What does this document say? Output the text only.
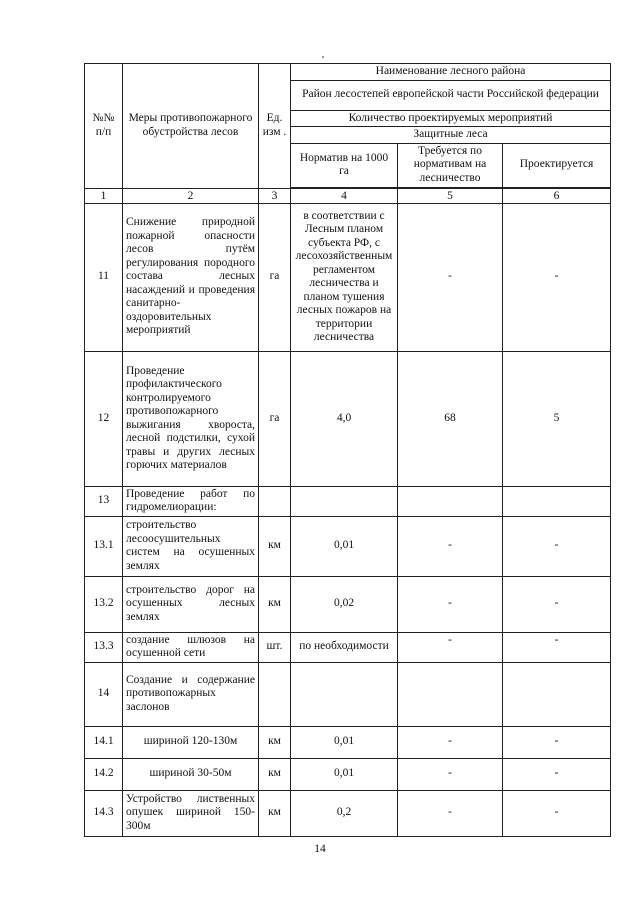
№№ п/п	Меры противопожарного обустройства лесов	Ед. изм .	Наименование лесного района		
			Район лесостепей европейской части Российской федерации		
			Количество проектируемых мероприятий		
			Защитные леса		
			Норматив на 1000 га	Требуется по нормативам на лесничество	Проектируется

1	2	3	4	5	6
11	Снижение природной пожарной опасности лесов путём регулирования породного состава лесных насаждений и проведения санитарно-оздоровительных мероприятий	га	в соответствии с Лесным планом субъекта РФ, с лесохозяйственным регламентом лесничества и планом тушения лесных пожаров на территории лесничества	-	-
12	Проведение профилактического контролируемого противопожарного выжигания хвороста, лесной подстилки, сухой травы и других лесных горючих материалов	га	4,0	68	5
13	Проведение работ по гидромелиорации:				
13.1	строительство лесоосушительных систем на осушенных землях	км	0,01	-	-
13.2	строительство дорог на осушенных лесных землях	км	0,02	-	-
13.3	создание шлюзов на осушенной сети	шт.	по необходимости	-	-
14	Создание и содержание противопожарных заслонов				
14.1	шириной 120-130м	км	0,01	-	-
14.2	шириной 30-50м	км	0,01	-	-
14.3	Устройство лиственных опушек шириной 150-300м	км	0,2	-	-
14
